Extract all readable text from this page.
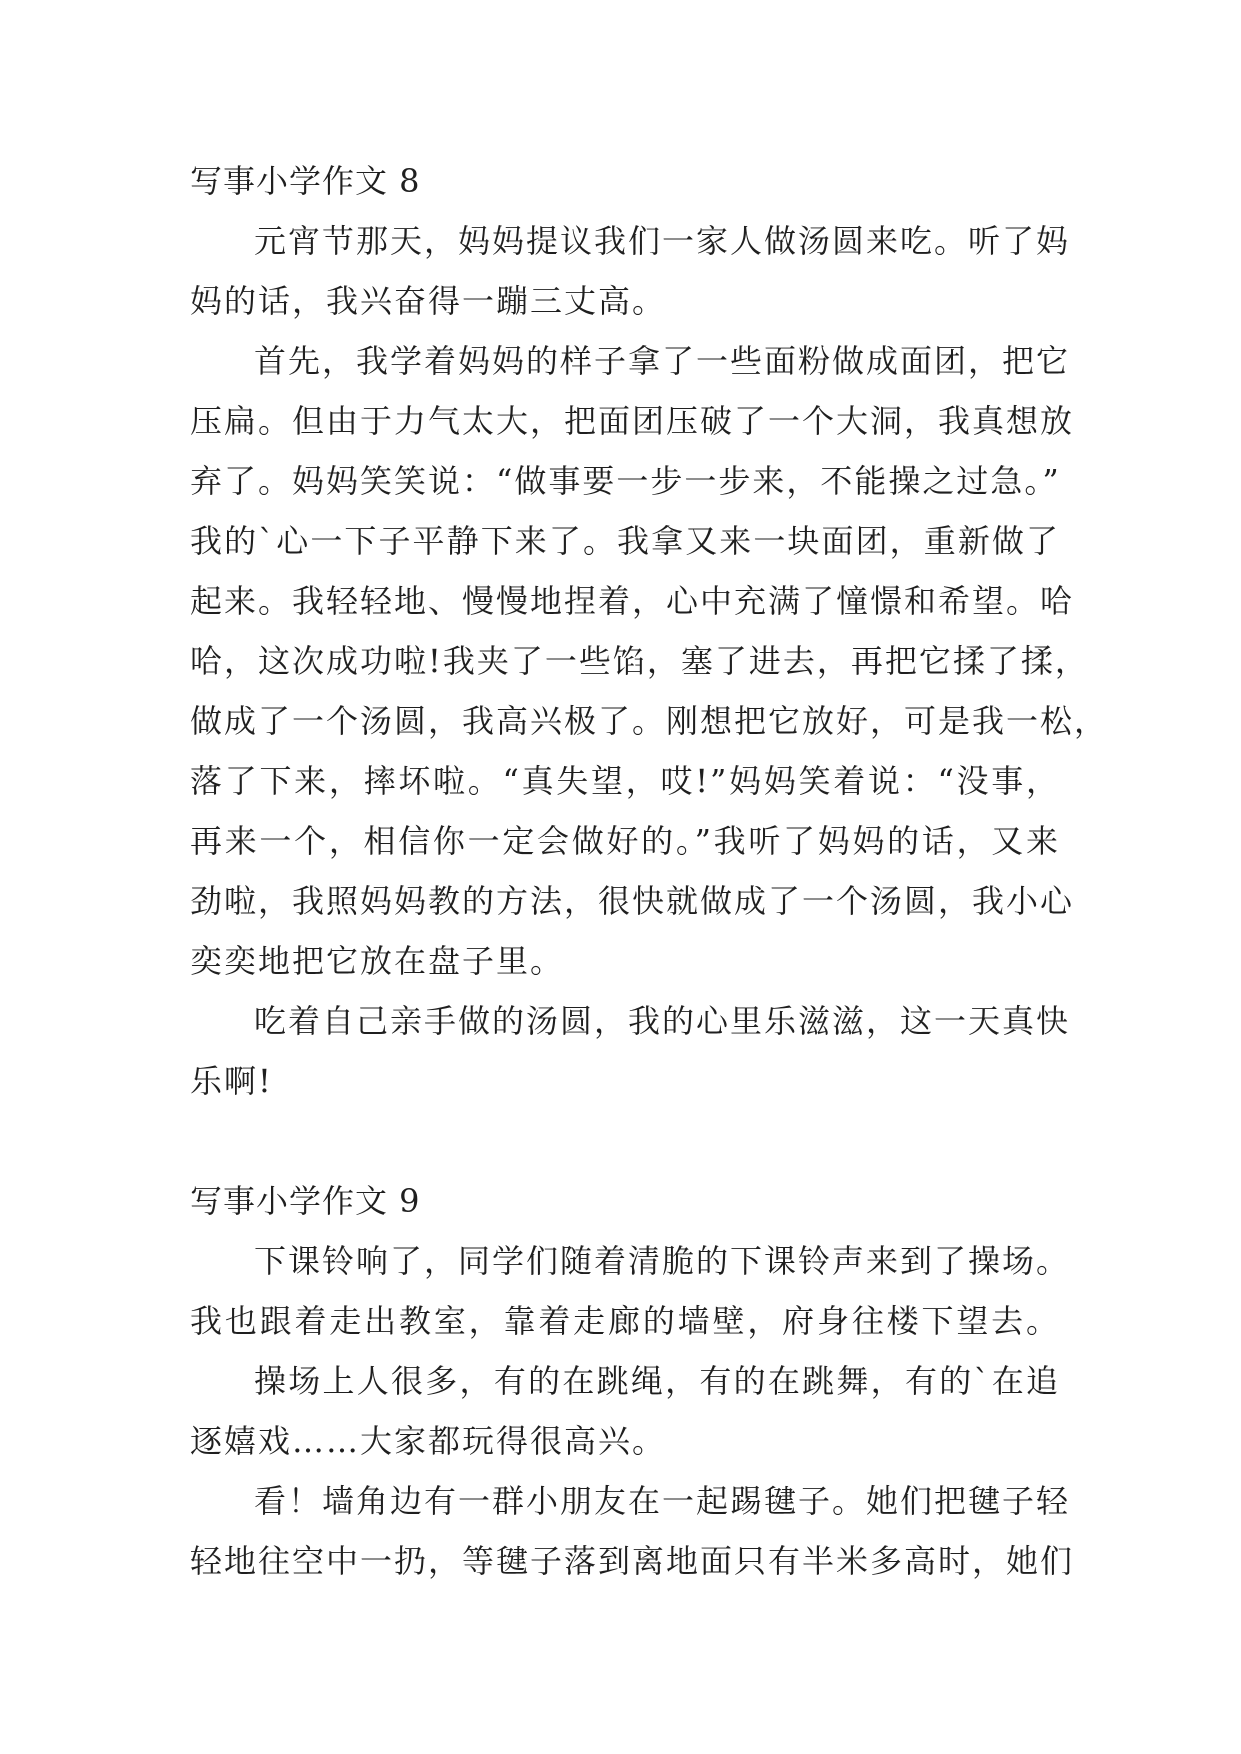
写事小学作文 8
元宵节那天，妈妈提议我们一家人做汤圆来吃。听了妈
妈的话，我兴奋得一蹦三丈高。
首先，我学着妈妈的样子拿了一些面粉做成面团，把它
压扁。但由于力气太大，把面团压破了一个大洞，我真想放
弃了。妈妈笑笑说：“做事要一步一步来，不能操之过急。”
我的`心一下子平静下来了。我拿又来一块面团，重新做了
起来。我轻轻地、慢慢地捏着，心中充满了憧憬和希望。哈
哈，这次成功啦!我夹了一些馅，塞了进去，再把它揉了揉，
做成了一个汤圆，我高兴极了。刚想把它放好，可是我一松，
落了下来，摔坏啦。“真失望，哎!”妈妈笑着说：“没事，
再来一个，相信你一定会做好的。”我听了妈妈的话，又来
劲啦，我照妈妈教的方法，很快就做成了一个汤圆，我小心
奕奕地把它放在盘子里。
吃着自己亲手做的汤圆，我的心里乐滋滋，这一天真快
乐啊!
写事小学作文 9
下课铃响了，同学们随着清脆的下课铃声来到了操场。
我也跟着走出教室，靠着走廊的墙壁，府身往楼下望去。
操场上人很多，有的在跳绳，有的在跳舞，有的`在追
逐嬉戏……大家都玩得很高兴。
看！墙角边有一群小朋友在一起踢毽子。她们把毽子轻
轻地往空中一扔，等毽子落到离地面只有半米多高时，她们
